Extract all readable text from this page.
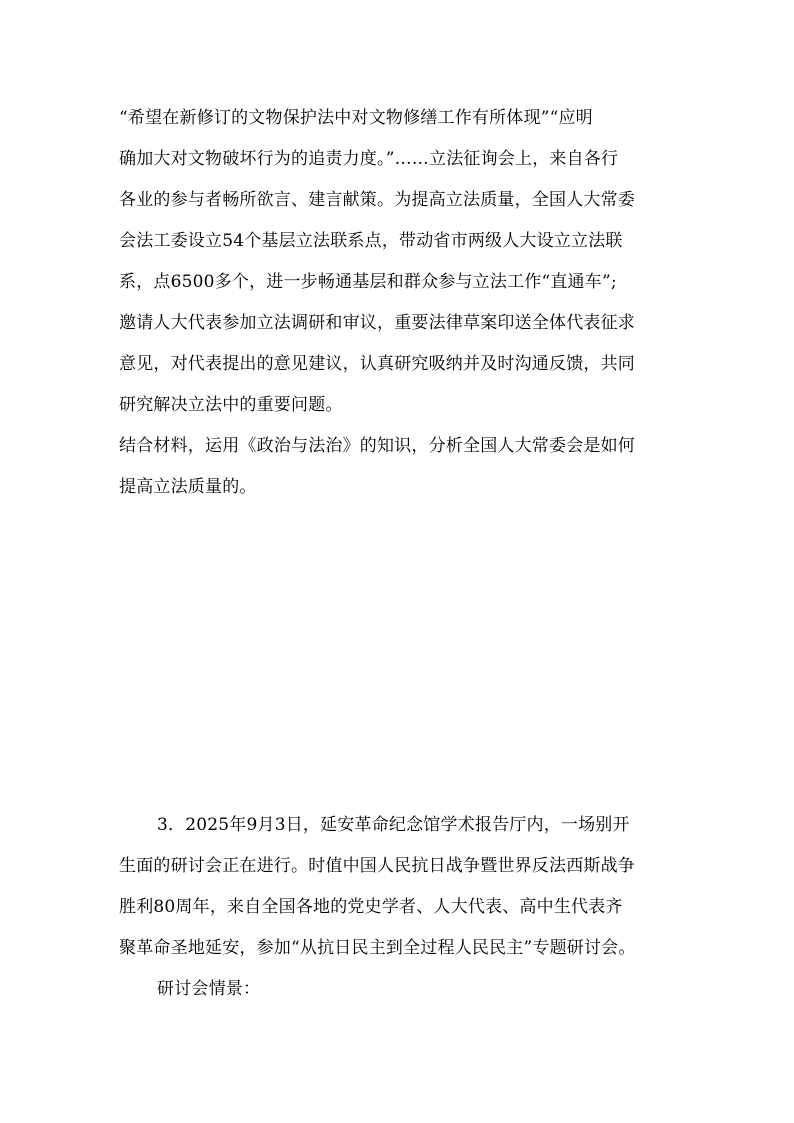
“希望在新修订的文物保护法中对文物修缮工作有所体现”“应明
确加大对文物破坏行为的追责力度。”……立法征询会上，来自各行
各业的参与者畅所欲言、建言献策。为提高立法质量，全国人大常委
会法工委设立54个基层立法联系点，带动省市两级人大设立立法联
系，点6500多个，进一步畅通基层和群众参与立法工作“直通车”;
邀请人大代表参加立法调研和审议，重要法律草案印送全体代表征求
意见，对代表提出的意见建议，认真研究吸纳并及时沟通反馈，共同
研究解决立法中的重要问题。
结合材料，运用《政治与法治》的知识，分析全国人大常委会是如何
提高立法质量的。
3．2025年9月3日，延安革命纪念馆学术报告厅内，一场别开
生面的研讨会正在进行。时值中国人民抗日战争暨世界反法西斯战争
胜利80周年，来自全国各地的党史学者、人大代表、高中生代表齐
聚革命圣地延安，参加“从抗日民主到全过程人民民主”专题研讨会。
研讨会情景：
